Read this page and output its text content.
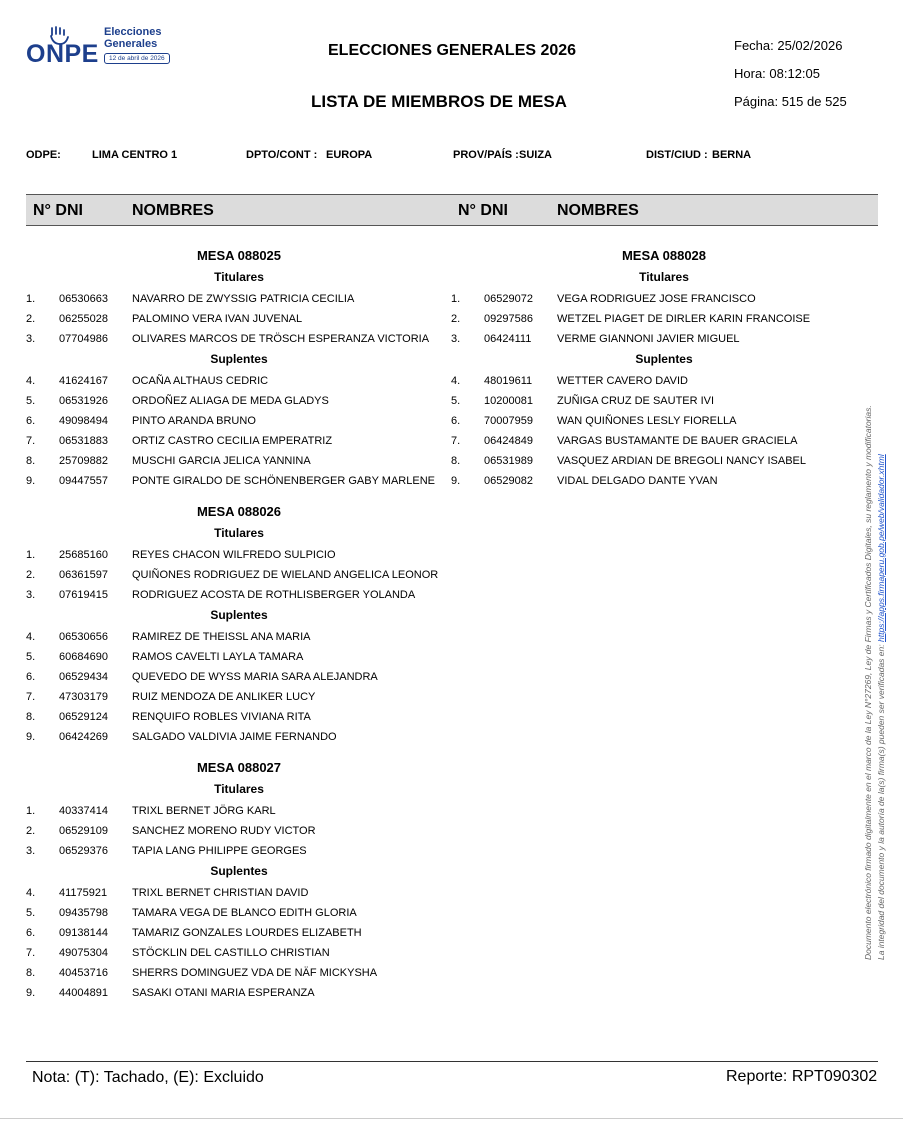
ONPE
Elecciones
Generales
12 de abril de 2026	ELECCIONES GENERALES 2026
LISTA DE MIEMBROS DE MESA
Fecha: 25/02/2026
Hora: 08:12:05
Página: 515 de 525
ODPE:	LIMA CENTRO 1	DPTO/CONT : EUROPA	PROV/PAÍS : SUIZA	DIST/CIUD : BERNA
N° DNI	NOMBRES	N° DNI	NOMBRES
MESA 088025
Titulares
1. 06530663 NAVARRO DE ZWYSSIG PATRICIA CECILIA
2. 06255028 PALOMINO VERA IVAN JUVENAL
3. 07704986 OLIVARES MARCOS DE TRÖSCH ESPERANZA VICTORIA
Suplentes
4. 41624167 OCAÑA ALTHAUS CEDRIC
5. 06531926 ORDOÑEZ ALIAGA DE MEDA GLADYS
6. 49098494 PINTO ARANDA BRUNO
7. 06531883 ORTIZ CASTRO CECILIA EMPERATRIZ
8. 25709882 MUSCHI GARCIA JELICA YANNINA
9. 09447557 PONTE GIRALDO DE SCHÖNENBERGER GABY MARLENE
MESA 088026
Titulares
1. 25685160 REYES CHACON WILFREDO SULPICIO
2. 06361597 QUIÑONES RODRIGUEZ DE WIELAND ANGELICA LEONOR
3. 07619415 RODRIGUEZ ACOSTA DE ROTHLISBERGER YOLANDA
Suplentes
4. 06530656 RAMIREZ DE THEISSL ANA MARIA
5. 60684690 RAMOS CAVELTI LAYLA TAMARA
6. 06529434 QUEVEDO DE WYSS MARIA SARA ALEJANDRA
7. 47303179 RUIZ MENDOZA DE ANLIKER LUCY
8. 06529124 RENQUIFO ROBLES VIVIANA RITA
9. 06424269 SALGADO VALDIVIA JAIME FERNANDO
MESA 088027
Titulares
1. 40337414 TRIXL BERNET JÖRG KARL
2. 06529109 SANCHEZ MORENO RUDY VICTOR
3. 06529376 TAPIA LANG PHILIPPE GEORGES
Suplentes
4. 41175921 TRIXL BERNET CHRISTIAN DAVID
5. 09435798 TAMARA VEGA DE BLANCO EDITH GLORIA
6. 09138144 TAMARIZ GONZALES LOURDES ELIZABETH
7. 49075304 STÖCKLIN DEL CASTILLO CHRISTIAN
8. 40453716 SHERRS DOMINGUEZ VDA DE NÄF MICKYSHA
9. 44004891 SASAKI OTANI MARIA ESPERANZA
MESA 088028
Titulares
1. 06529072 VEGA RODRIGUEZ JOSE FRANCISCO
2. 09297586 WETZEL PIAGET DE DIRLER KARIN FRANCOISE
3. 06424111 VERME GIANNONI JAVIER MIGUEL
Suplentes
4. 48019611 WETTER CAVERO DAVID
5. 10200081 ZUÑIGA CRUZ DE SAUTER IVI
6. 70007959 WAN QUIÑONES LESLY FIORELLA
7. 06424849 VARGAS BUSTAMANTE DE BAUER GRACIELA
8. 06531989 VASQUEZ ARDIAN DE BREGOLI NANCY ISABEL
9. 06529082 VIDAL DELGADO DANTE YVAN	Documento electrónico firmado digitalmente en el marco de la Ley N°27269, Ley de Firmas y Certificados Digitales, su reglamento y modificatorias. La integridad del documento y la autoría de la(s) firma(s) pueden ser verificadas en: https://apps.firmaperu.gob.pe/web/validador.xhtml
Nota: (T): Tachado, (E): Excluido	Reporte: RPT090302
